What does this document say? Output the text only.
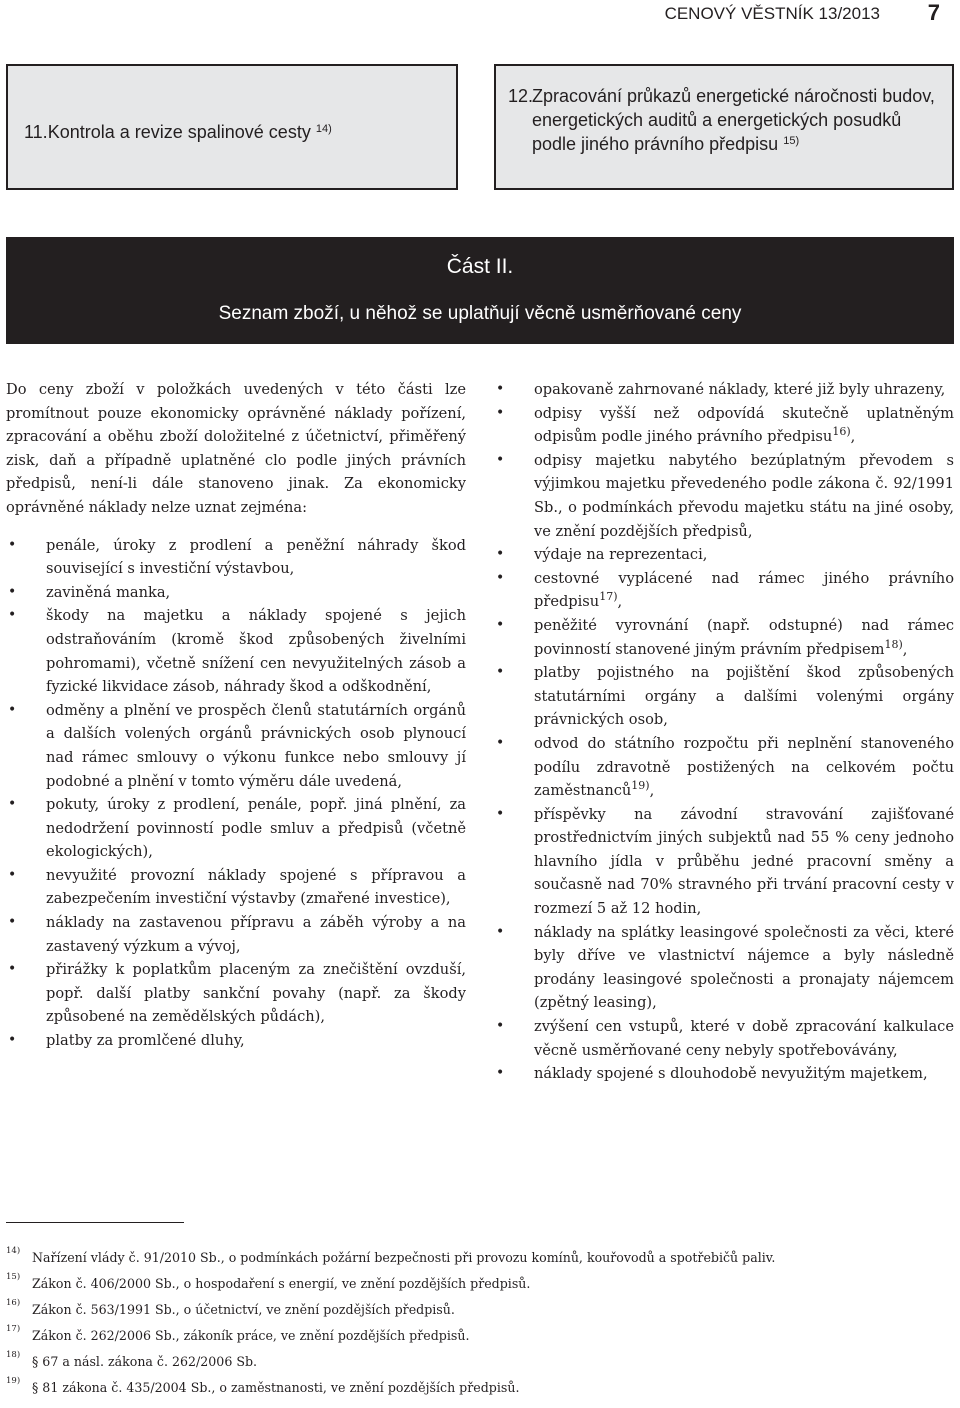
CENOVÝ VĚSTNÍK 13/2013 7
11.Kontrola a revize spalinové cesty $^{14)}$
12.
Zpracování průkazů energetické náročnosti budov, energetických auditů a energetických posudků podle jiného právního předpisu $^{15)}$
Část II.
Seznam zboží, u něhož se uplatňují věcně usměrňované ceny

Do ceny zboží v položkách uvedených v této části lze promítnout pouze ekonomicky oprávněné náklady pořízení, zpracování a oběhu zboží doložitelné z účetnictví, přiměřený zisk, daň a případně uplatněné clo podle jiných právních předpisů, není-li dále stanoveno jinak. Za ekonomicky oprávněné náklady nelze uznat zejména:

• penále, úroky z prodlení a peněžní náhrady škod související s investiční výstavbou,
• zaviněná manka,
• škody na majetku a náklady spojené s jejich odstraňováním (kromě škod způsobených živelními pohromami), včetně snížení cen nevyužitelných zásob a fyzické likvidace zásob, náhrady škod a odškodnění,
• odměny a plnění ve prospěch členů statutárních orgánů a dalších volených orgánů právnických osob plynoucí nad rámec smlouvy o výkonu funkce nebo smlouvy jí podobné a plnění v tomto výměru dále uvedená,
• pokuty, úroky z prodlení, penále, popř. jiná plnění, za nedodržení povinností podle smluv a předpisů (včetně ekologických),
• nevyužité provozní náklady spojené s přípravou a zabezpečením investiční výstavby (zmařené investice),
• náklady na zastavenou přípravu a záběh výroby a na zastavený výzkum a vývoj,
• přirážky k poplatkům placeným za znečištění ovzduší, popř. další platby sankční povahy (např. za škody způsobené na zemědělských půdách),
• platby za promlčené dluhy,
• opakovaně zahrnované náklady, které již byly uhrazeny,
• odpisy vyšší než odpovídá skutečně uplatněným odpisům podle jiného právního předpisu$^{16)}$,
• odpisy majetku nabytého bezúplatným převodem s výjimkou majetku převedeného podle zákona č. 92/1991 Sb., o podmínkách převodu majetku státu na jiné osoby, ve znění pozdějších předpisů,
• výdaje na reprezentaci,
• cestovné vyplácené nad rámec jiného právního předpisu$^{17)}$,
• peněžité vyrovnání (např. odstupné) nad rámec povinností stanovené jiným právním předpisem$^{18)}$,
• platby pojistného na pojištění škod způsobených statutárními orgány a dalšími volenými orgány právnických osob,
• odvod do státního rozpočtu při neplnění stanoveného podílu zdravotně postižených na celkovém počtu zaměstnanců$^{19)}$,
• příspěvky na závodní stravování zajišťované prostřednictvím jiných subjektů nad 55 % ceny jednoho hlavního jídla v průběhu jedné pracovní směny a současně nad 70% stravného při trvání pracovní cesty v rozmezí 5 až 12 hodin,
• náklady na splátky leasingové společnosti za věci, které byly dříve ve vlastnictví nájemce a byly následně prodány leasingové společnosti a pronajaty nájemcem (zpětný leasing),
• zvýšení cen vstupů, které v době zpracování kalkulace věcně usměrňované ceny nebyly spotřebovávány,
• náklady spojené s dlouhodobě nevyužitým majetkem,
14) Nařízení vlády č. 91/2010 Sb., o podmínkách požární bezpečnosti při provozu komínů, kouřovodů a spotřebičů paliv.
15) Zákon č. 406/2000 Sb., o hospodaření s energií, ve znění pozdějších předpisů.
16) Zákon č. 563/1991 Sb., o účetnictví, ve znění pozdějších předpisů.
17) Zákon č. 262/2006 Sb., zákoník práce, ve znění pozdějších předpisů.
18) § 67 a násl. zákona č. 262/2006 Sb.
19) § 81 zákona č. 435/2004 Sb., o zaměstnanosti, ve znění pozdějších předpisů.
